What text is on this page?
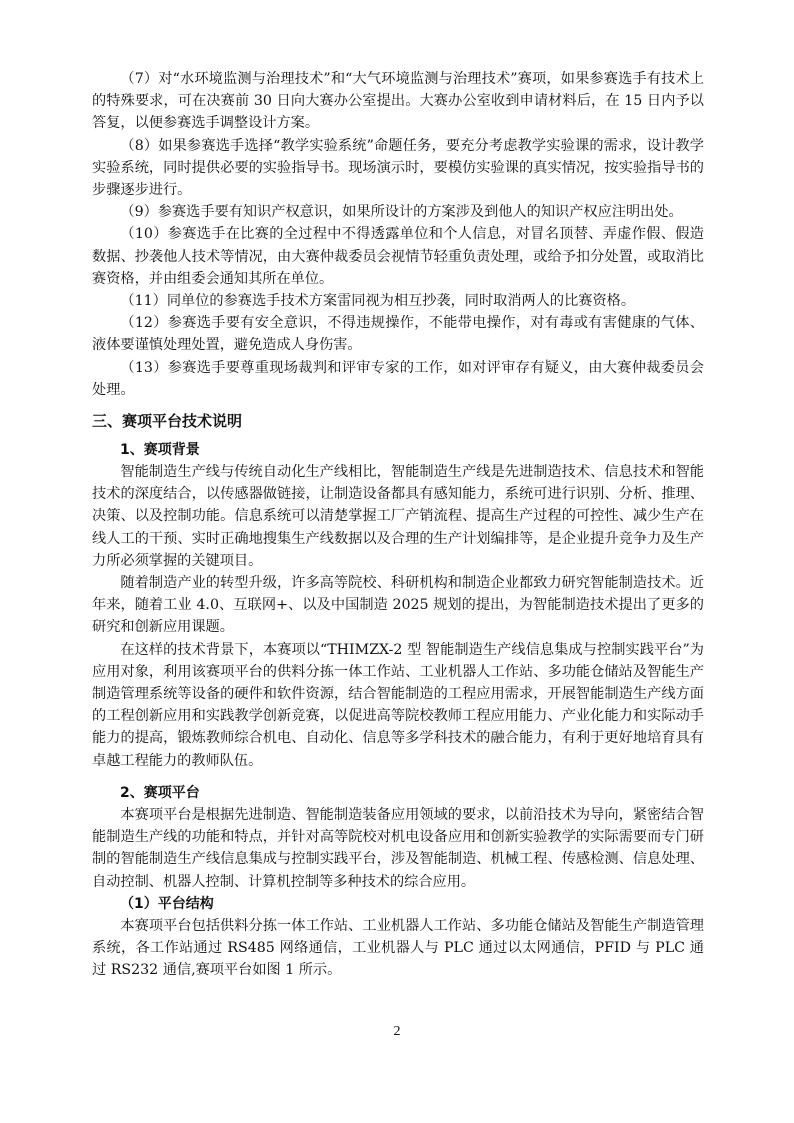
（7）对“水环境监测与治理技术”和“大气环境监测与治理技术”赛项，如果参赛选手有技术上的特殊要求，可在决赛前 30 日向大赛办公室提出。大赛办公室收到申请材料后，在 15 日内予以答复，以便参赛选手调整设计方案。

（8）如果参赛选手选择“教学实验系统”命题任务，要充分考虑教学实验课的需求，设计教学实验系统，同时提供必要的实验指导书。现场演示时，要模仿实验课的真实情况，按实验指导书的步骤逐步进行。

（9）参赛选手要有知识产权意识，如果所设计的方案涉及到他人的知识产权应注明出处。

（10）参赛选手在比赛的全过程中不得透露单位和个人信息，对冒名顶替、弄虚作假、假造数据、抄袭他人技术等情况，由大赛仲裁委员会视情节轻重负责处理，或给予扣分处置，或取消比赛资格，并由组委会通知其所在单位。

（11）同单位的参赛选手技术方案雷同视为相互抄袭，同时取消两人的比赛资格。

（12）参赛选手要有安全意识，不得违规操作，不能带电操作，对有毒或有害健康的气体、液体要谨慎处理处置，避免造成人身伤害。

（13）参赛选手要尊重现场裁判和评审专家的工作，如对评审存有疑义，由大赛仲裁委员会处理。

三、赛项平台技术说明
1、赛项背景

智能制造生产线与传统自动化生产线相比，智能制造生产线是先进制造技术、信息技术和智能技术的深度结合，以传感器做链接，让制造设备都具有感知能力，系统可进行识别、分析、推理、决策、以及控制功能。信息系统可以清楚掌握工厂产销流程、提高生产过程的可控性、减少生产在线人工的干预、实时正确地搜集生产线数据以及合理的生产计划编排等，是企业提升竞争力及生产力所必须掌握的关键项目。

随着制造产业的转型升级，许多高等院校、科研机构和制造企业都致力研究智能制造技术。近年来，随着工业 4.0、互联网+、以及中国制造 2025 规划的提出，为智能制造技术提出了更多的研究和创新应用课题。

在这样的技术背景下，本赛项以“THIMZX-2 型 智能制造生产线信息集成与控制实践平台”为应用对象，利用该赛项平台的供料分拣一体工作站、工业机器人工作站、多功能仓储站及智能生产制造管理系统等设备的硬件和软件资源，结合智能制造的工程应用需求，开展智能制造生产线方面的工程创新应用和实践教学创新竞赛，以促进高等院校教师工程应用能力、产业化能力和实际动手能力的提高，锻炼教师综合机电、自动化、信息等多学科技术的融合能力，有利于更好地培育具有卓越工程能力的教师队伍。

2、赛项平台

本赛项平台是根据先进制造、智能制造装备应用领域的要求，以前沿技术为导向，紧密结合智能制造生产线的功能和特点，并针对高等院校对机电设备应用和创新实验教学的实际需要而专门研制的智能制造生产线信息集成与控制实践平台，涉及智能制造、机械工程、传感检测、信息处理、自动控制、机器人控制、计算机控制等多种技术的综合应用。

（1）平台结构

本赛项平台包括供料分拣一体工作站、工业机器人工作站、多功能仓储站及智能生产制造管理系统，各工作站通过 RS485 网络通信，工业机器人与 PLC 通过以太网通信，PFID 与 PLC 通过 RS232 通信,赛项平台如图 1 所示。

2
